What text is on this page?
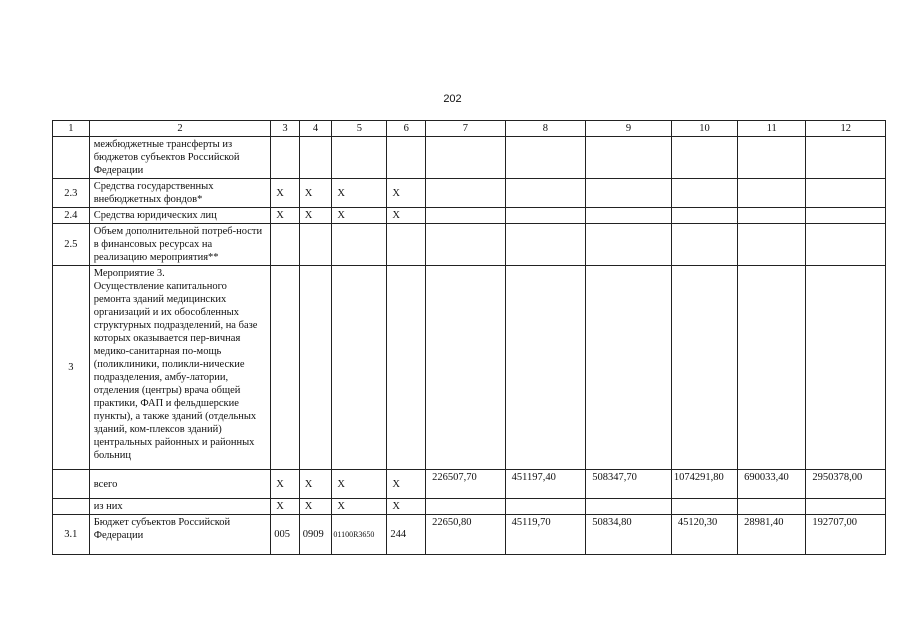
202
1	2	3	4	5	6	7	8	9	10	11	12
	межбюджетные трансферты из бюджетов субъектов Российской Федерации										
2.3	Средства государственных внебюджетных фондов*	X	X	X	X						
2.4	Средства юридических лиц	X	X	X	X						
2.5	Объем дополнительной потреб-ности в финансовых ресурсах на реализацию мероприятия**										
3	Мероприятие 3.
Осуществление капитального ремонта зданий медицинских организаций и их обособленных структурных подразделений, на базе которых оказывается пер-вичная медико-санитарная по-мощь (поликлиники, поликли-нические подразделения, амбу-латории, отделения (центры) врача общей практики, ФАП и фельдшерские пункты), а также зданий (отдельных зданий, ком-плексов зданий) центральных районных и районных больниц										
	всего	X	X	X	X	226507,70	451197,40	508347,70	1074291,80	690033,40	2950378,00
	из них	X	X	X	X						
3.1	Бюджет субъектов Российской Федерации	005	0909	01100R3650	244	22650,80	45119,70	50834,80	45120,30	28981,40	192707,00
